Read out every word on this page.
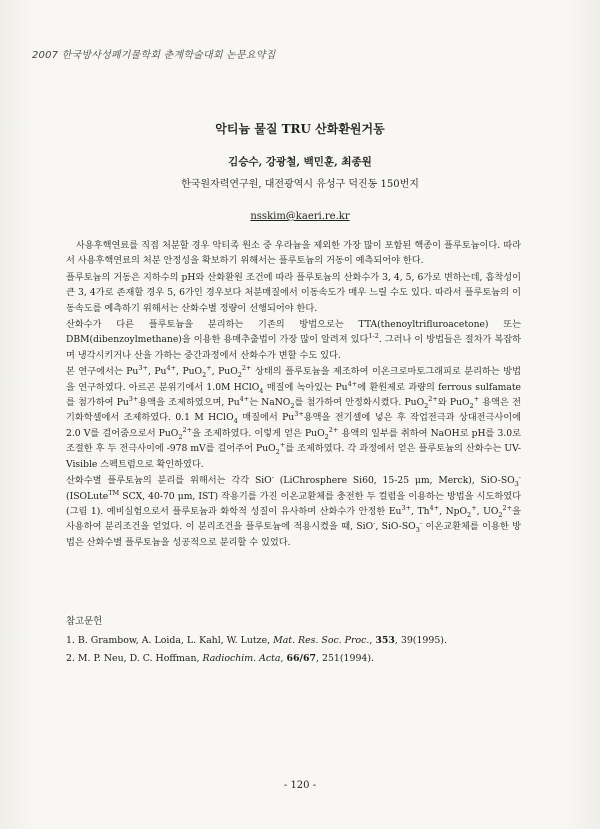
2007 한국방사성폐기물학회 춘계학술대회 논문요약집
악티늄 물질 TRU 산화환원거동
김승수, 강광철, 백민훈, 최종원
한국원자력연구원, 대전광역시 유성구 덕진동 150번지
nsskim@kaeri.re.kr

사용후핵연료를 직접 처분할 경우 악티족 원소 중 우라늄을 제외한 가장 많이 포함된 핵종이 플루토늄이다. 따라서 사용후핵연료의 처분 안정성을 확보하기 위해서는 플루토늄의 거동이 예측되어야 한다.

플루토늄의 거동은 지하수의 pH와 산화환원 조건에 따라 플루토늄의 산화수가 3, 4, 5, 6가로 변하는데, 흡착성이 큰 3, 4가로 존재할 경우 5, 6가인 경우보다 처분매질에서 이동속도가 매우 느릴 수도 있다. 따라서 플루토늄의 이동속도를 예측하기 위해서는 산화수별 정량이 선행되어야 한다.

산화수가 다른 플루토늄을 분리하는 기존의 방법으로는 TTA(thenoyltrifluroacetone) 또는 DBM(dibenzoylmethane)을 이용한 용매추출법이 가장 많이 알려져 있다$^{1-2}$. 그러나 이 방법들은 절차가 복잡하며 냉각시키거나 산을 가하는 중간과정에서 산화수가 변할 수도 있다.

본 연구에서는 $Pu^{3+}$, $Pu^{4+}$, PuO$_2$+, PuO$_2^{2+}$ 상태의 플루토늄을 제조하여 이온크로마토그래피로 분리하는 방법을 연구하였다. 아르곤 분위기에서 1.0M HClO$_4$ 매질에 녹아있는 $Pu^{4+}$에 환원제로 과량의 ferrous sulfamate를 첨가하여 $Pu^{3+}$용액을 조제하였으며, $Pu^{4+}$는 NaNO$_2$를 첨가하여 안정화시켰다. PuO$_2^{2+}$와 PuO$_2$+ 용액은 전기화학셀에서 조제하였다. 0.1 M HClO$_4$ 매질에서 $Pu^{3+}$용액을 전기셀에 넣은 후 작업전극과 상대전극사이에 2.0 V를 걸어줌으로서 PuO$_2^{2+}$을 조제하였다. 이렇게 얻은 PuO$_2^{2+}$ 용액의 일부를 취하여 NaOH로 pH를 3.0로 조절한 후 두 전극사이에 -978 mV를 걸어주어 PuO$_2$+를 조제하였다. 각 과정에서 얻은 플루토늄의 산화수는 UV-Visible 스펙트럼으로 확인하였다.

산화수별 플루토늄의 분리를 위해서는 각각 SiO- (LiChrosphere Si60, 15-25 μm, Merck), SiO-$SO_3^-$ (ISOLute™ SCX, 40-70 μm, IST) 작용기를 가진 이온교환체를 충전한 두 컬럼을 이용하는 방법을 시도하였다(그림 1). 예비실험으로서 플루토늄과 화학적 성질이 유사하며 산화수가 안정한 $Eu^{3+}$, $Th^{4+}$, NpO$_2$+, $UO_2^{2+}$을 사용하여 분리조건을 얻었다. 이 분리조건을 플루토늄에 적용시켰을 때, SiO-, SiO-$SO_3^-$ 이온교환체를 이용한 방법은 산화수별 플루토늄을 성공적으로 분리할 수 있었다.

참고문헌
1. B. Grambow, A. Loida, L. Kahl, W. Lutze, Mat. Res. Soc. Proc., 353, 39(1995).
2. M. P. Neu, D. C. Hoffman, Radiochim. Acta, 66/67, 251(1994).
- 120 -
